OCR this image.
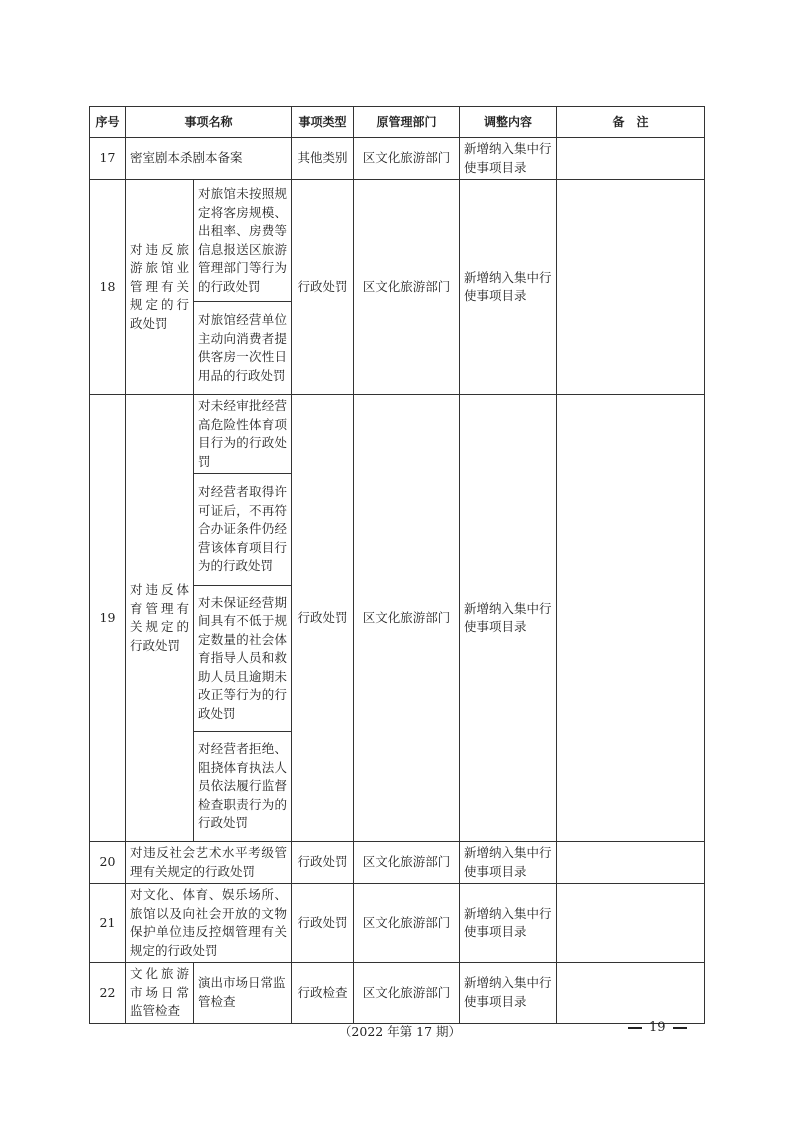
序号	事项名称		事项类型	原管理部门	调整内容	备　注
17	密室剧本杀剧本备案		其他类别	区文化旅游部门	新增纳入集中行使事项目录	
18	对违反旅游旅馆业管理有关规定的行政处罚	对旅馆未按照规定将客房规模、出租率、房费等信息报送区旅游管理部门等行为的行政处罚	行政处罚	区文化旅游部门	新增纳入集中行使事项目录	
		对旅馆经营单位主动向消费者提供客房一次性日用品的行政处罚				
19	对违反体育管理有关规定的行政处罚	对未经审批经营高危险性体育项目行为的行政处罚	行政处罚	区文化旅游部门	新增纳入集中行使事项目录	
		对经营者取得许可证后，不再符合办证条件仍经营该体育项目行为的行政处罚				
		对未保证经营期间具有不低于规定数量的社会体育指导人员和救助人员且逾期未改正等行为的行政处罚				
		对经营者拒绝、阻挠体育执法人员依法履行监督检查职责行为的行政处罚				
20	对违反社会艺术水平考级管理有关规定的行政处罚		行政处罚	区文化旅游部门	新增纳入集中行使事项目录	
21	对文化、体育、娱乐场所、旅馆以及向社会开放的文物保护单位违反控烟管理有关规定的行政处罚		行政处罚	区文化旅游部门	新增纳入集中行使事项目录	
22	文化旅游市场日常监管检查	演出市场日常监管检查	行政检查	区文化旅游部门	新增纳入集中行使事项目录	
（2022 年第 17 期）	19
